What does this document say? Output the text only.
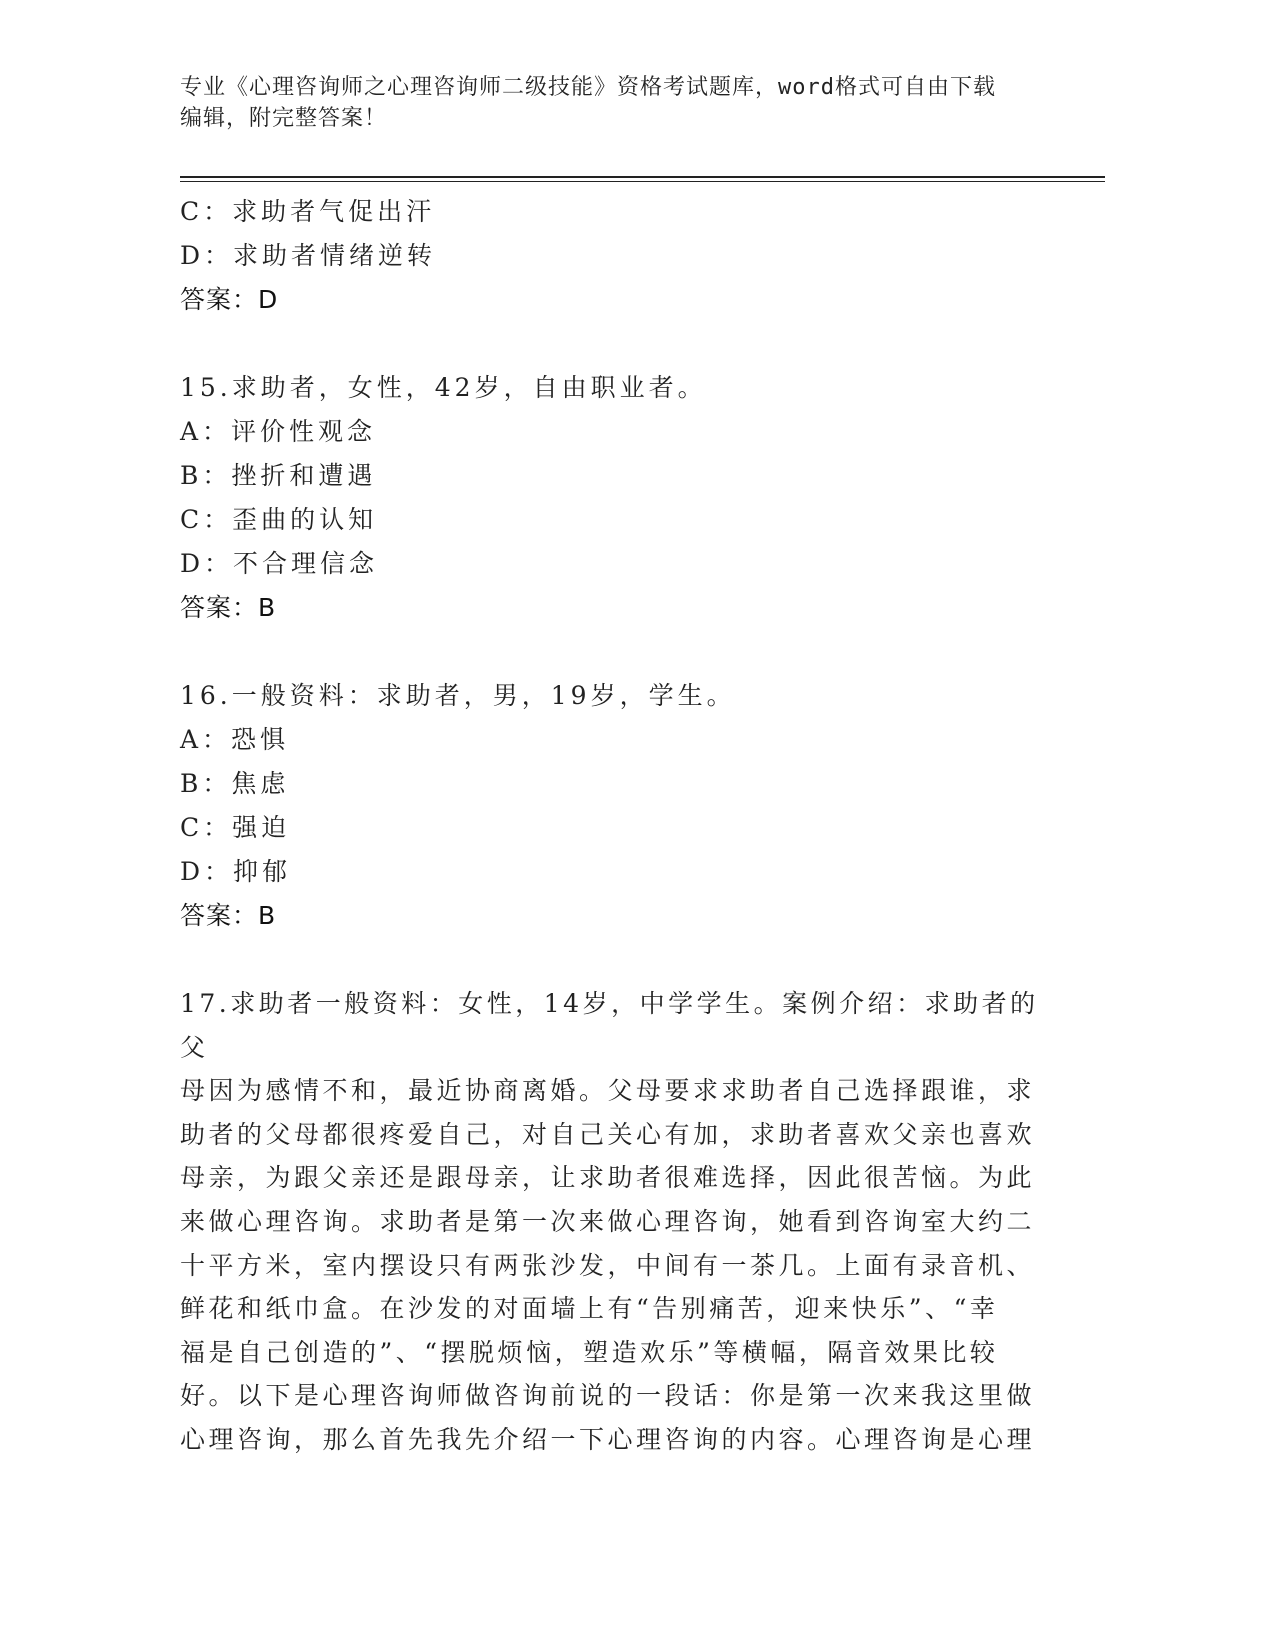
专业《心理咨询师之心理咨询师二级技能》资格考试题库，word格式可自由下载
编辑，附完整答案！
C：求助者气促出汗
D：求助者情绪逆转
答案：D
15.求助者，女性，42岁，自由职业者。
A：评价性观念
B：挫折和遭遇
C：歪曲的认知
D：不合理信念
答案：B
16.一般资料：求助者，男，19岁，学生。
A：恐惧
B：焦虑
C：强迫
D：抑郁
答案：B
17.求助者一般资料：女性，14岁，中学学生。案例介绍：求助者的父
母因为感情不和，最近协商离婚。父母要求求助者自己选择跟谁，求
助者的父母都很疼爱自己，对自己关心有加，求助者喜欢父亲也喜欢
母亲，为跟父亲还是跟母亲，让求助者很难选择，因此很苦恼。为此
来做心理咨询。求助者是第一次来做心理咨询，她看到咨询室大约二
十平方米，室内摆设只有两张沙发，中间有一茶几。上面有录音机、
鲜花和纸巾盒。在沙发的对面墙上有“告别痛苦，迎来快乐”、“幸
福是自己创造的”、“摆脱烦恼，塑造欢乐”等横幅，隔音效果比较
好。以下是心理咨询师做咨询前说的一段话：你是第一次来我这里做
心理咨询，那么首先我先介绍一下心理咨询的内容。心理咨询是心理
